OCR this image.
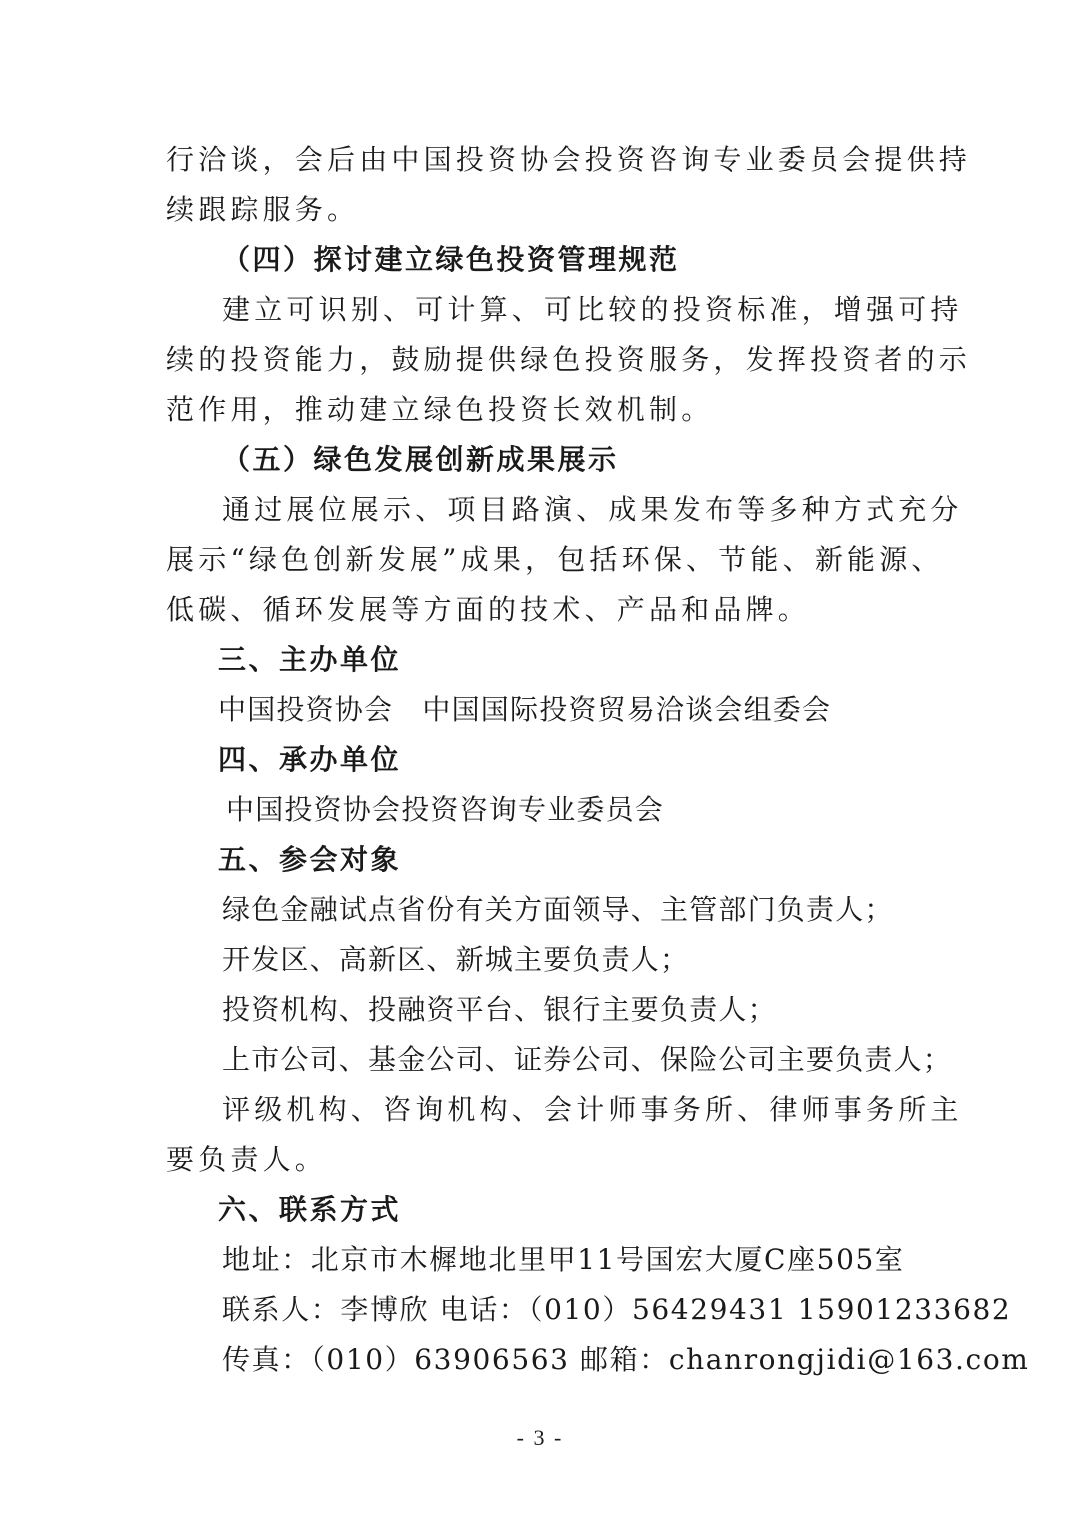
行洽谈，会后由中国投资协会投资咨询专业委员会提供持
续跟踪服务。
（四）探讨建立绿色投资管理规范
建立可识别、可计算、可比较的投资标准，增强可持
续的投资能力，鼓励提供绿色投资服务，发挥投资者的示
范作用，推动建立绿色投资长效机制。
（五）绿色发展创新成果展示
通过展位展示、项目路演、成果发布等多种方式充分
展示“绿色创新发展”成果，包括环保、节能、新能源、
低碳、循环发展等方面的技术、产品和品牌。
三、主办单位
中国投资协会　中国国际投资贸易洽谈会组委会
四、承办单位
中国投资协会投资咨询专业委员会
五、参会对象
绿色金融试点省份有关方面领导、主管部门负责人；
开发区、高新区、新城主要负责人；
投资机构、投融资平台、银行主要负责人；
上市公司、基金公司、证券公司、保险公司主要负责人；
评级机构、咨询机构、会计师事务所、律师事务所主
要负责人。
六、联系方式
地址：北京市木樨地北里甲11号国宏大厦C座505室
联系人：李博欣 电话：（010）56429431 15901233682
传真：（010）63906563 邮箱：chanrongjidi@163.com
- 3 -
